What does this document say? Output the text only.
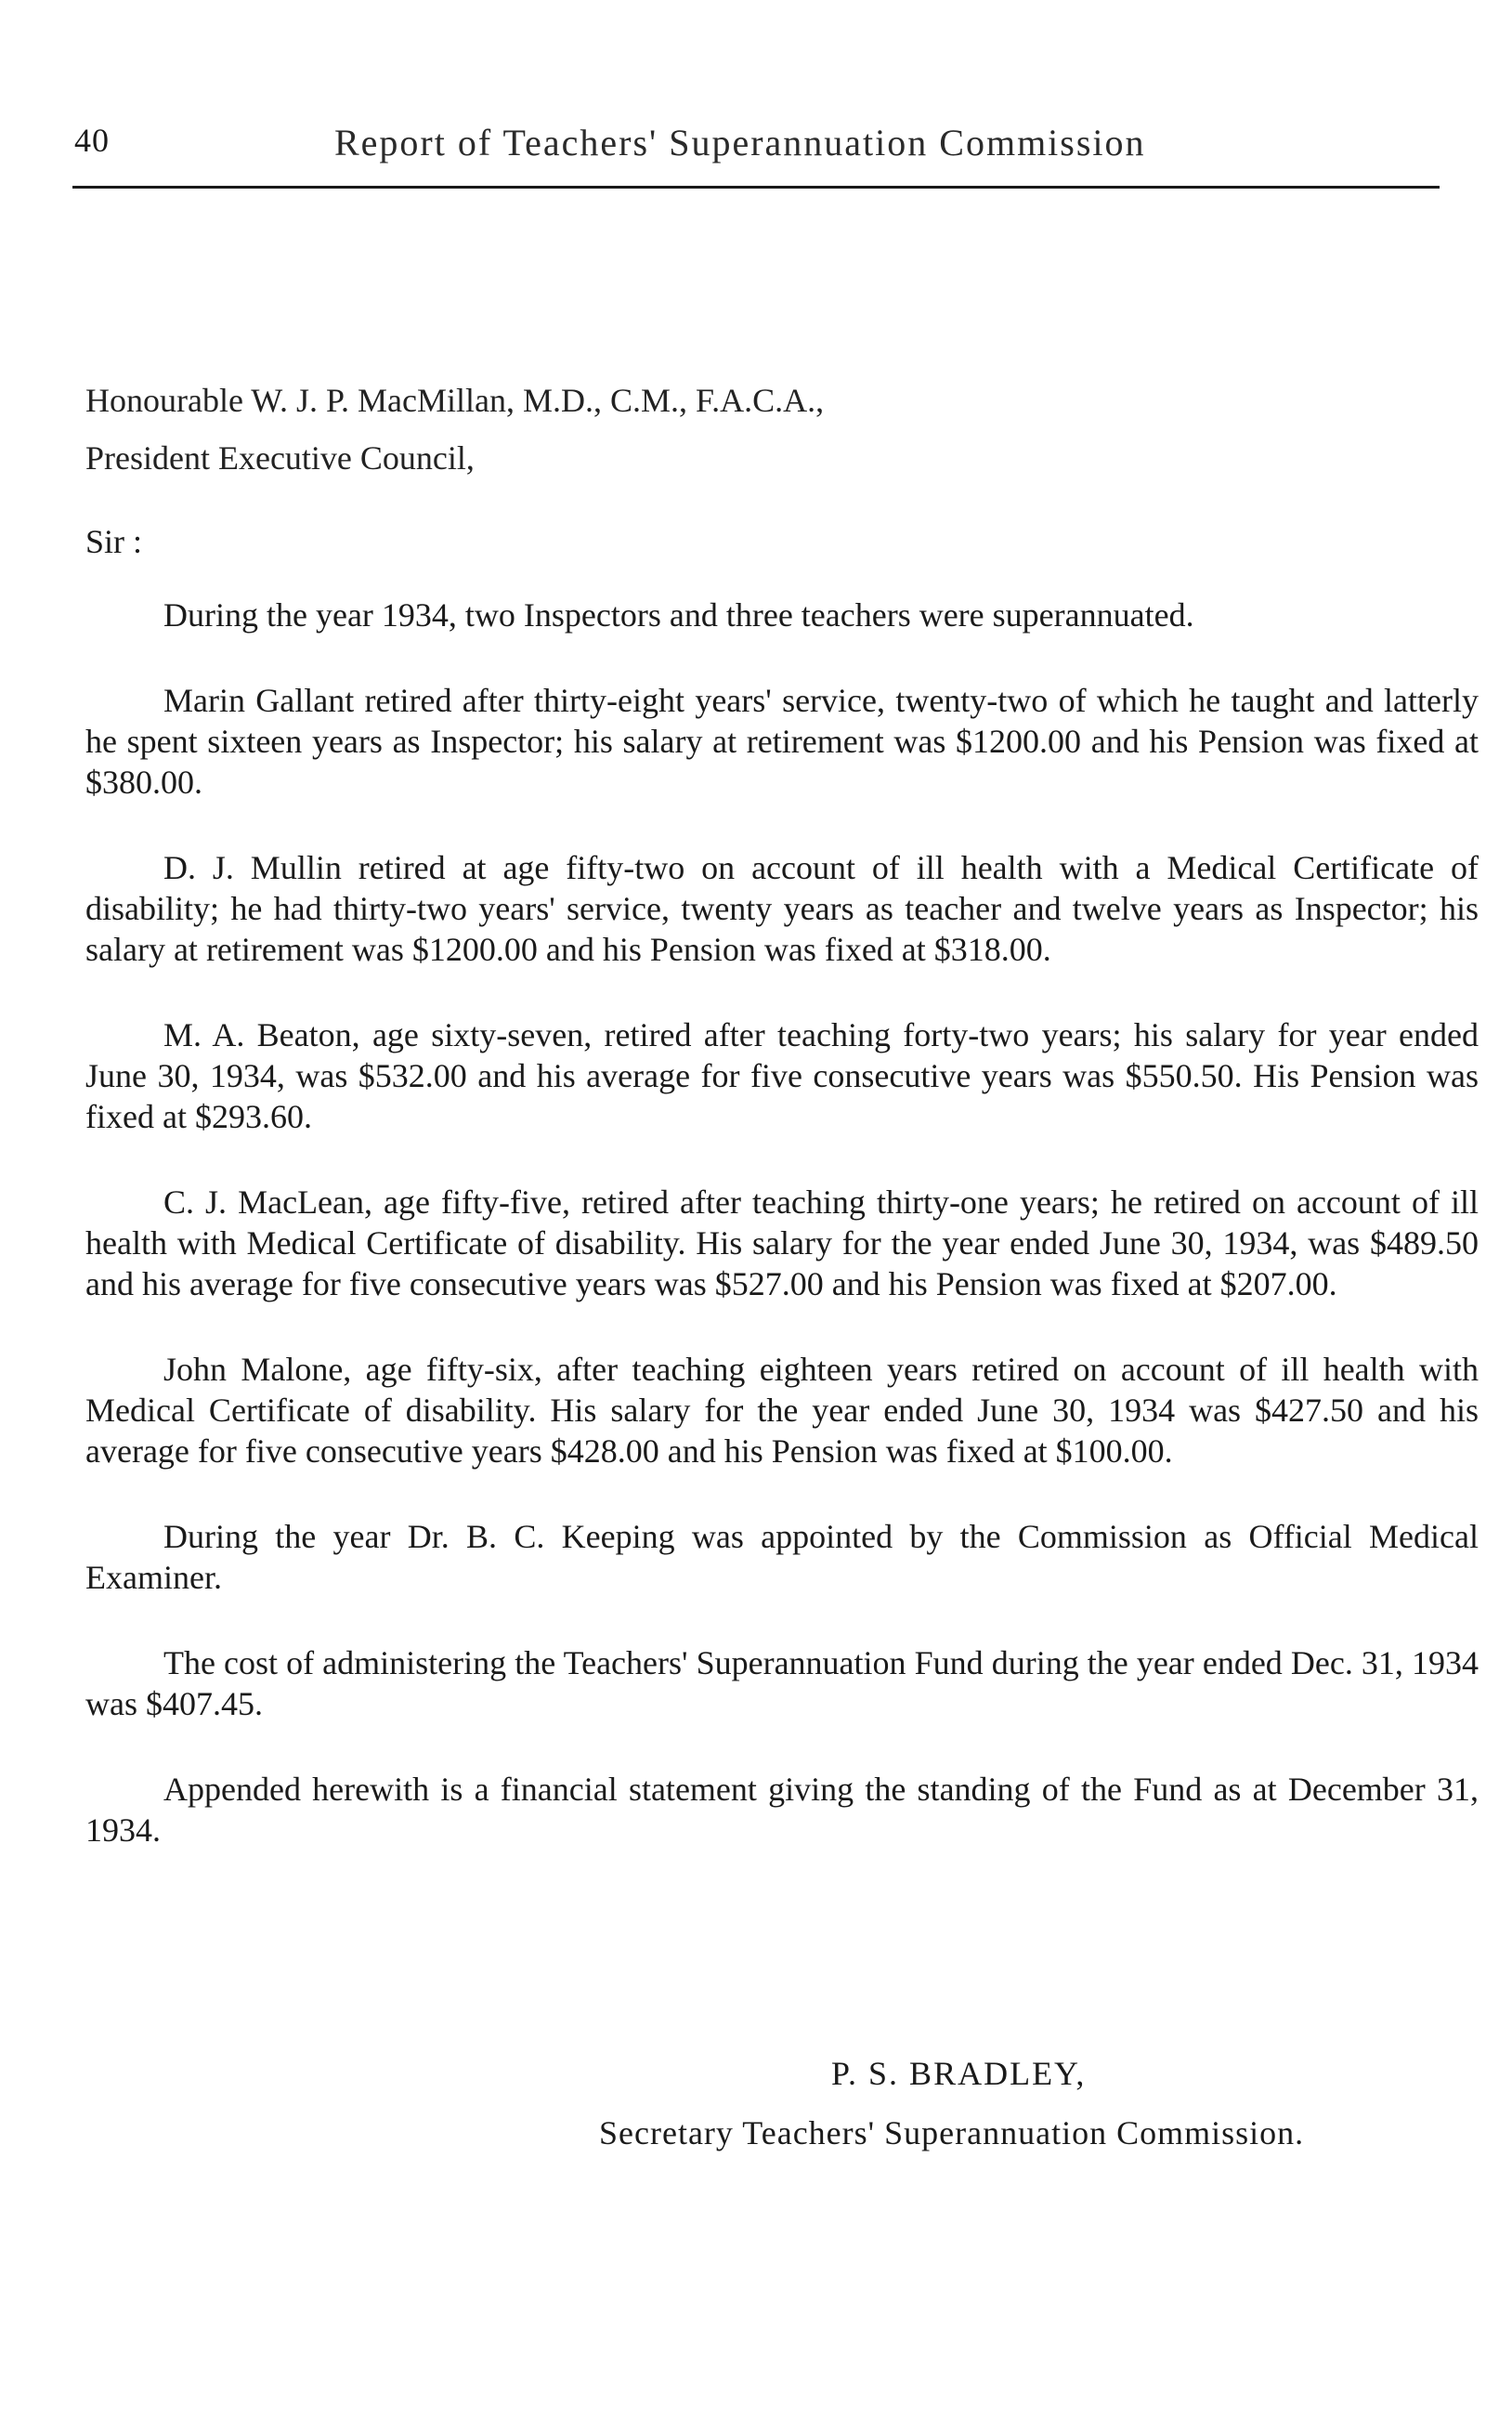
40	Report of Teachers' Superannuation Commission
Honourable W. J. P. MacMillan, M.D., C.M., F.A.C.A.,
President Executive Council,
Sir :

During the year 1934, two Inspectors and three teachers were superannuated.

Marin Gallant retired after thirty-eight years' service, twenty-two of which he taught and latterly he spent sixteen years as Inspector; his salary at retirement was $1200.00 and his Pension was fixed at $380.00.

D. J. Mullin retired at age fifty-two on account of ill health with a Medical Certificate of disability; he had thirty-two years' service, twenty years as teacher and twelve years as Inspector; his salary at retirement was $1200.00 and his Pension was fixed at $318.00.

M. A. Beaton, age sixty-seven, retired after teaching forty-two years; his salary for year ended June 30, 1934, was $532.00 and his average for five consecutive years was $550.50. His Pension was fixed at $293.60.

C. J. MacLean, age fifty-five, retired after teaching thirty-one years; he retired on account of ill health with Medical Certificate of disability. His salary for the year ended June 30, 1934, was $489.50 and his average for five consecutive years was $527.00 and his Pension was fixed at $207.00.

John Malone, age fifty-six, after teaching eighteen years retired on account of ill health with Medical Certificate of disability. His salary for the year ended June 30, 1934 was $427.50 and his average for five consecutive years $428.00 and his Pension was fixed at $100.00.

During the year Dr. B. C. Keeping was appointed by the Commission as Official Medical Examiner.

The cost of administering the Teachers' Superannuation Fund during the year ended Dec. 31, 1934 was $407.45.

Appended herewith is a financial statement giving the standing of the Fund as at December 31, 1934.

P. S. BRADLEY,
Secretary Teachers' Superannuation Commission.
